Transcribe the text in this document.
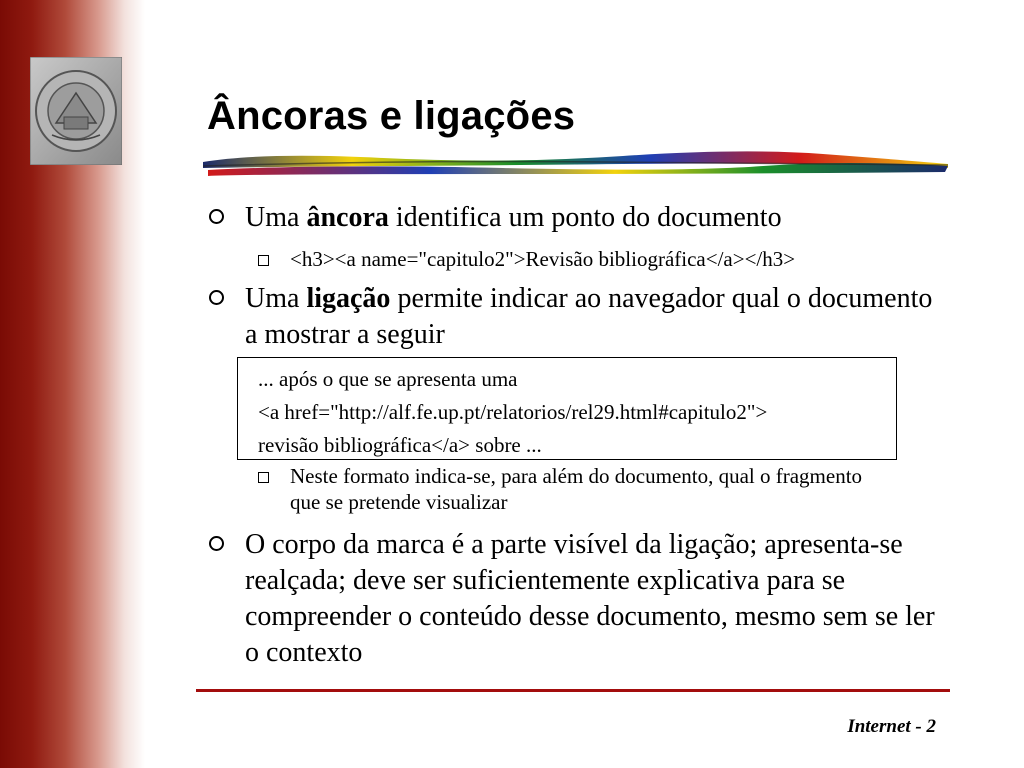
Âncoras e ligações
Uma âncora identifica um ponto do documento
<h3><a name="capitulo2">Revisão bibliográfica</a></h3>
Uma ligação permite indicar ao navegador qual o documento a mostrar a seguir
... após o que se apresenta uma
<a href="http://alf.fe.up.pt/relatorios/rel29.html#capitulo2">
revisão bibliográfica</a> sobre ...
Neste formato indica-se, para além do documento, qual o fragmento que se pretende visualizar
O corpo da marca é a parte visível da ligação; apresenta-se realçada; deve ser suficientemente explicativa para se compreender o conteúdo desse documento, mesmo sem se ler o contexto
Internet - 2
